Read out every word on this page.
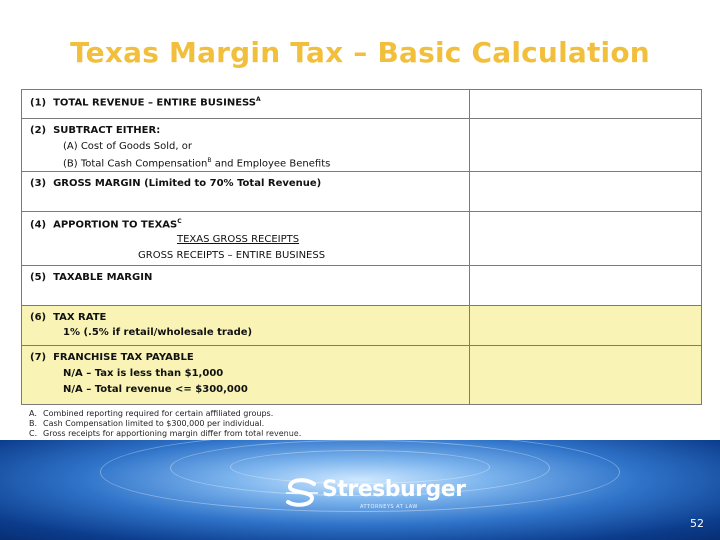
Texas Margin Tax – Basic Calculation
(1) TOTAL REVENUE – ENTIRE $BUSINESS^A$
(2) SUBTRACT EITHER:
(A) Cost of Goods Sold, or
(B) Total Cash Compensation$^B$ and Employee Benefits
(3) GROSS MARGIN (Limited to 70% Total Revenue)
(4) APPORTION TO $TEXAS^C$
TEXAS GROSS RECEIPTS
GROSS RECEIPTS – ENTIRE BUSINESS
(5) TAXABLE MARGIN
(6) TAX RATE
1% (.5% if retail/wholesale trade)
(7) FRANCHISE TAX PAYABLE
N/A – Tax is less than $1,000
N/A – Total revenue <= $300,000
A. Combined reporting required for certain affiliated groups.
B. Cash Compensation limited to $300,000 per individual.
C. Gross receipts for apportioning margin differ from total revenue.
Stresburger
ATTORNEYS AT LAW
52
